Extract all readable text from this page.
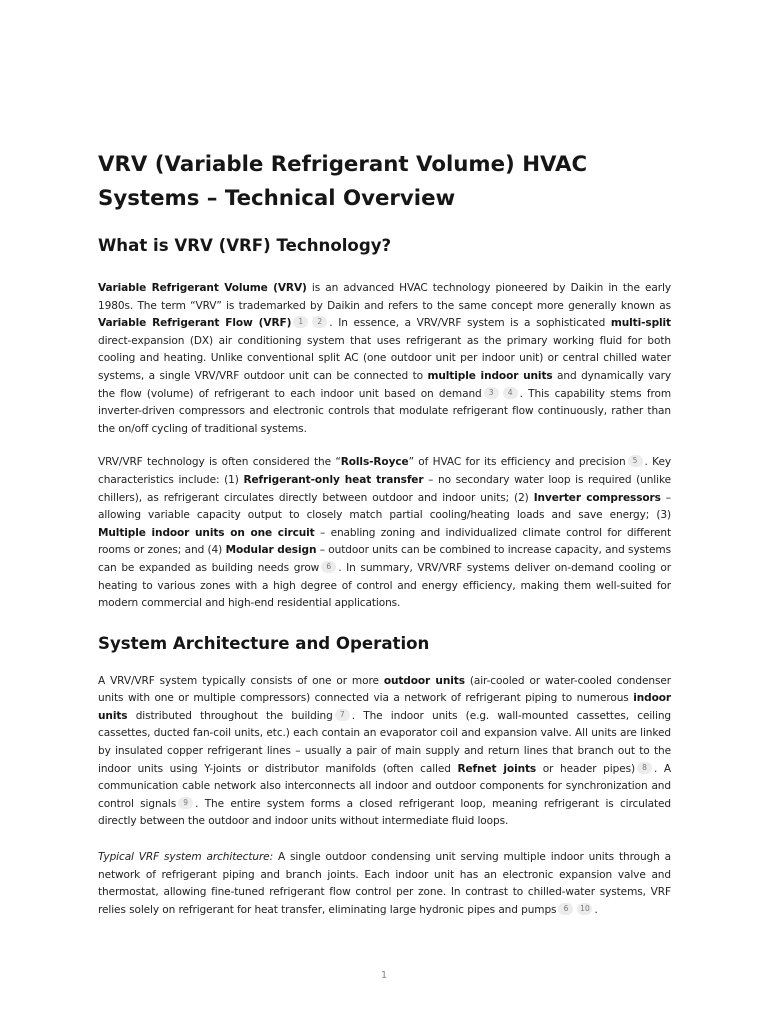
VRV (Variable Refrigerant Volume) HVAC Systems – Technical Overview
What is VRV (VRF) Technology?

Variable Refrigerant Volume (VRV) is an advanced HVAC technology pioneered by Daikin in the early 1980s. The term “VRV” is trademarked by Daikin and refers to the same concept more generally known as Variable Refrigerant Flow (VRF) 1 2 . In essence, a VRV/VRF system is a sophisticated multi-split direct-expansion (DX) air conditioning system that uses refrigerant as the primary working fluid for both cooling and heating. Unlike conventional split AC (one outdoor unit per indoor unit) or central chilled water systems, a single VRV/VRF outdoor unit can be connected to multiple indoor units and dynamically vary the flow (volume) of refrigerant to each indoor unit based on demand 3 4 . This capability stems from inverter-driven compressors and electronic controls that modulate refrigerant flow continuously, rather than the on/off cycling of traditional systems.

VRV/VRF technology is often considered the “Rolls-Royce” of HVAC for its efficiency and precision 5 . Key characteristics include: (1) Refrigerant-only heat transfer – no secondary water loop is required (unlike chillers), as refrigerant circulates directly between outdoor and indoor units; (2) Inverter compressors – allowing variable capacity output to closely match partial cooling/heating loads and save energy; (3) Multiple indoor units on one circuit – enabling zoning and individualized climate control for different rooms or zones; and (4) Modular design – outdoor units can be combined to increase capacity, and systems can be expanded as building needs grow 6 . In summary, VRV/VRF systems deliver on-demand cooling or heating to various zones with a high degree of control and energy efficiency, making them well-suited for modern commercial and high-end residential applications.

System Architecture and Operation

A VRV/VRF system typically consists of one or more outdoor units (air-cooled or water-cooled condenser units with one or multiple compressors) connected via a network of refrigerant piping to numerous indoor units distributed throughout the building 7 . The indoor units (e.g. wall-mounted cassettes, ceiling cassettes, ducted fan-coil units, etc.) each contain an evaporator coil and expansion valve. All units are linked by insulated copper refrigerant lines – usually a pair of main supply and return lines that branch out to the indoor units using Y-joints or distributor manifolds (often called Refnet joints or header pipes) 8 . A communication cable network also interconnects all indoor and outdoor components for synchronization and control signals 9 . The entire system forms a closed refrigerant loop, meaning refrigerant is circulated directly between the outdoor and indoor units without intermediate fluid loops.

Typical VRF system architecture: A single outdoor condensing unit serving multiple indoor units through a network of refrigerant piping and branch joints. Each indoor unit has an electronic expansion valve and thermostat, allowing fine-tuned refrigerant flow control per zone. In contrast to chilled-water systems, VRF relies solely on refrigerant for heat transfer, eliminating large hydronic pipes and pumps 6 10 .

1
